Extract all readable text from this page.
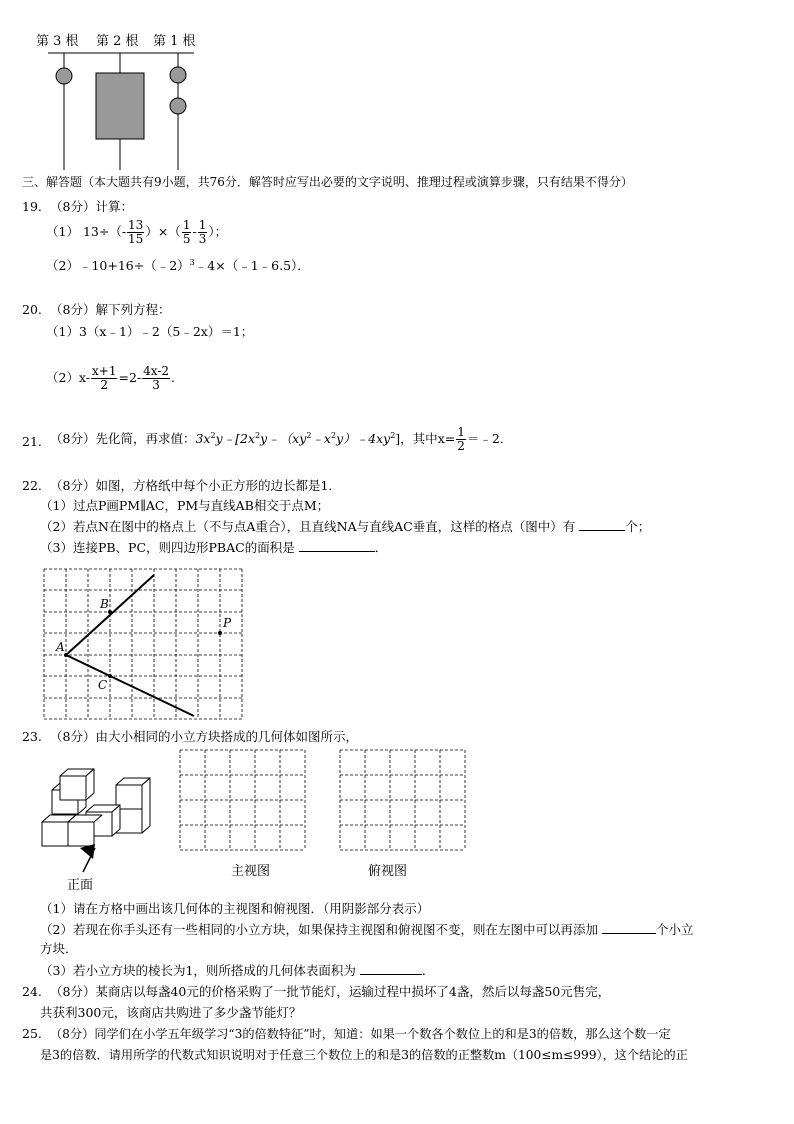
第 3 根 第 2 根 第 1 根
三、解答题（本大题共有9小题，共76分．解答时应写出必要的文字说明、推理过程或演算步骤，只有结果不得分）
19. （8分）计算：
（1） $13\div(- \frac{13}{15}$ ）×（ $\frac{1}{5} - \frac{1}{3}$ ）；
（2）﹣10+16÷（﹣2）$^3$﹣4×（﹣1﹣6.5）．
20. （8分）解下列方程：
（1）3（x﹣1）﹣2（5﹣2x）＝1；
$(2)x- \frac{x+1}{2} =2- \frac{4x-2}{3}$ .
21. （8分）先化简，再求值：$3x^2y﹣[2x^2y﹣(xy^2﹣x^2y)﹣4xy^2]$，其中$x= \frac{1}{2}$ ＝﹣2．
22. （8分）如图，方格纸中每个小正方形的边长都是1．
（1）过点P画PM∥AC，PM与直线AB相交于点M；
（2）若点N在图中的格点上（不与点A重合），且直线NA与直线AC垂直，这样的格点（图中）有	个；
（3）连接PB、PC，则四边形PBAC的面积是	．
A
B
C
P
23. （8分）由大小相同的小立方块搭成的几何体如图所示，
正面
主视图	俯视图
（1）请在方格中画出该几何体的主视图和俯视图．（用阴影部分表示）
（2）若现在你手头还有一些相同的小立方块，如果保持主视图和俯视图不变，则在左图中可以再添加	个小立
方块．
（3）若小立方块的棱长为1，则所搭成的几何体表面积为	．
24. （8分）某商店以每盏40元的价格采购了一批节能灯，运输过程中损坏了4盏，然后以每盏50元售完，
共获利300元，该商店共购进了多少盏节能灯？
25. （8分）同学们在小学五年级学习“3的倍数特征”时，知道：如果一个数各个数位上的和是3的倍数，那么这个数一定
是3的倍数．请用所学的代数式知识说明对于任意三个数位上的和是3的倍数的正整数m（100≤m≤999），这个结论的正
